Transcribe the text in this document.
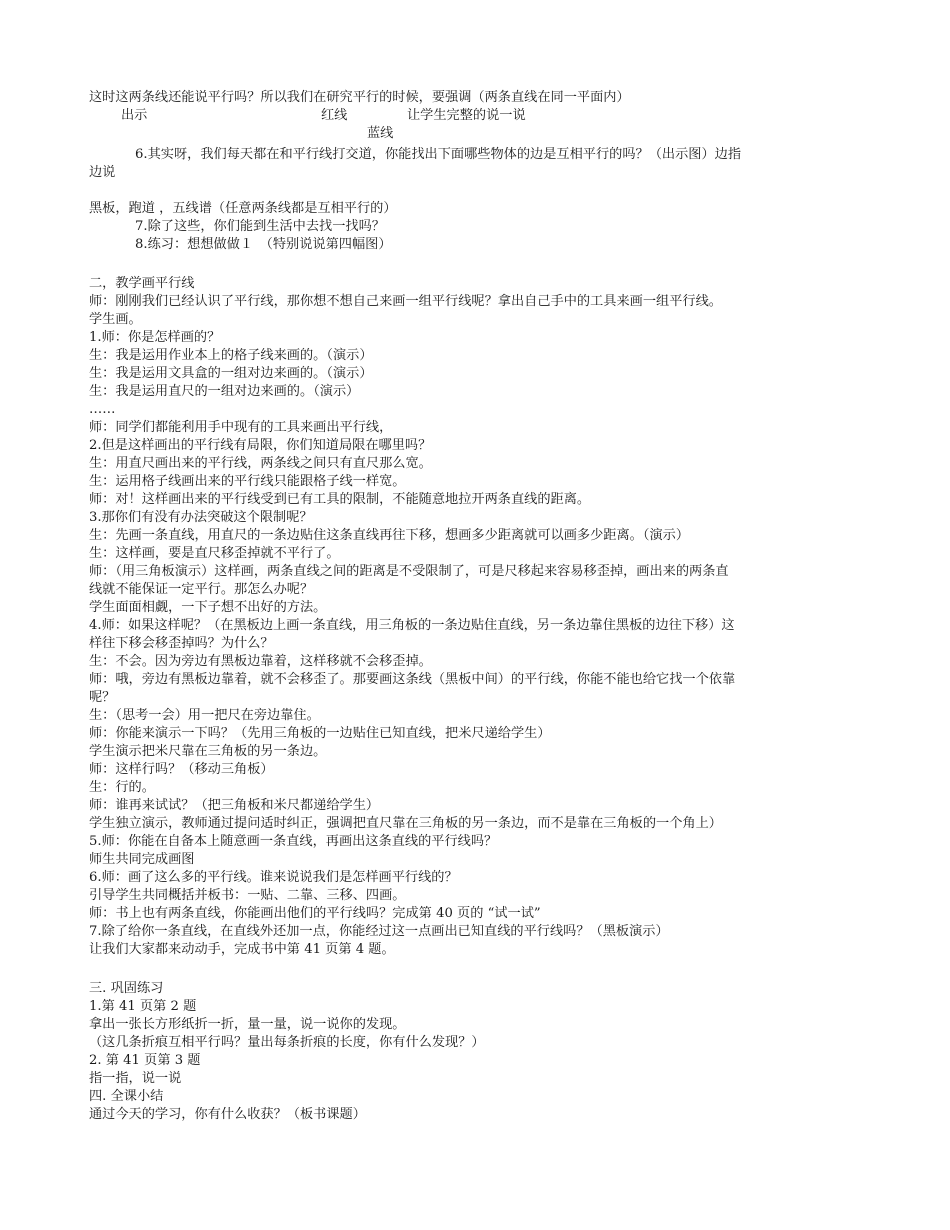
这时这两条线还能说平行吗？所以我们在研究平行的时候，要强调（两条直线在同一平面内）
出示	红线	让学生完整的说一说
蓝线
6.其实呀，我们每天都在和平行线打交道，你能找出下面哪些物体的边是互相平行的吗？（出示图）边指
边说
黑板，跑道 ，五线谱（任意两条线都是互相平行的）
7.除了这些，你们能到生活中去找一找吗？
8.练习：想想做做１　（特别说说第四幅图）
二，教学画平行线
师：刚刚我们已经认识了平行线，那你想不想自己来画一组平行线呢？拿出自己手中的工具来画一组平行线。
学生画。
1.师：你是怎样画的？
生：我是运用作业本上的格子线来画的。（演示）
生：我是运用文具盒的一组对边来画的。（演示）
生：我是运用直尺的一组对边来画的。（演示）
……
师：同学们都能利用手中现有的工具来画出平行线，
2.但是这样画出的平行线有局限，你们知道局限在哪里吗？
生：用直尺画出来的平行线，两条线之间只有直尺那么宽。
生：运用格子线画出来的平行线只能跟格子线一样宽。
师：对！这样画出来的平行线受到已有工具的限制，不能随意地拉开两条直线的距离。
3.那你们有没有办法突破这个限制呢？
生：先画一条直线，用直尺的一条边贴住这条直线再往下移，想画多少距离就可以画多少距离。（演示）
生：这样画，要是直尺移歪掉就不平行了。
师：（用三角板演示）这样画，两条直线之间的距离是不受限制了，可是尺移起来容易移歪掉，画出来的两条直
线就不能保证一定平行。那怎么办呢？
学生面面相觑，一下子想不出好的方法。
4.师：如果这样呢？（在黑板边上画一条直线，用三角板的一条边贴住直线，另一条边靠住黑板的边往下移）这
样往下移会移歪掉吗？为什么？
生：不会。因为旁边有黑板边靠着，这样移就不会移歪掉。
师：哦，旁边有黑板边靠着，就不会移歪了。那要画这条线（黑板中间）的平行线，你能不能也给它找一个依靠
呢？
生：（思考一会）用一把尺在旁边靠住。
师：你能来演示一下吗？（先用三角板的一边贴住已知直线，把米尺递给学生）
学生演示把米尺靠在三角板的另一条边。
师：这样行吗？（移动三角板）
生：行的。
师：谁再来试试？（把三角板和米尺都递给学生）
学生独立演示，教师通过提问适时纠正，强调把直尺靠在三角板的另一条边，而不是靠在三角板的一个角上）
5.师：你能在自备本上随意画一条直线，再画出这条直线的平行线吗？
师生共同完成画图
6.师：画了这么多的平行线。谁来说说我们是怎样画平行线的？
引导学生共同概括并板书：一贴、二靠、三移、四画。
师：书上也有两条直线，你能画出他们的平行线吗？完成第 40 页的 “试一试”
7.除了给你一条直线，在直线外还加一点，你能经过这一点画出已知直线的平行线吗？（黑板演示）
让我们大家都来动动手，完成书中第 41 页第 4 题。
三. 巩固练习
1.第 41 页第 2 题
拿出一张长方形纸折一折，量一量，说一说你的发现。
（这几条折痕互相平行吗？量出每条折痕的长度，你有什么发现？）
2. 第 41 页第 3 题
指一指，说一说
四. 全课小结
通过今天的学习，你有什么收获？（板书课题）
